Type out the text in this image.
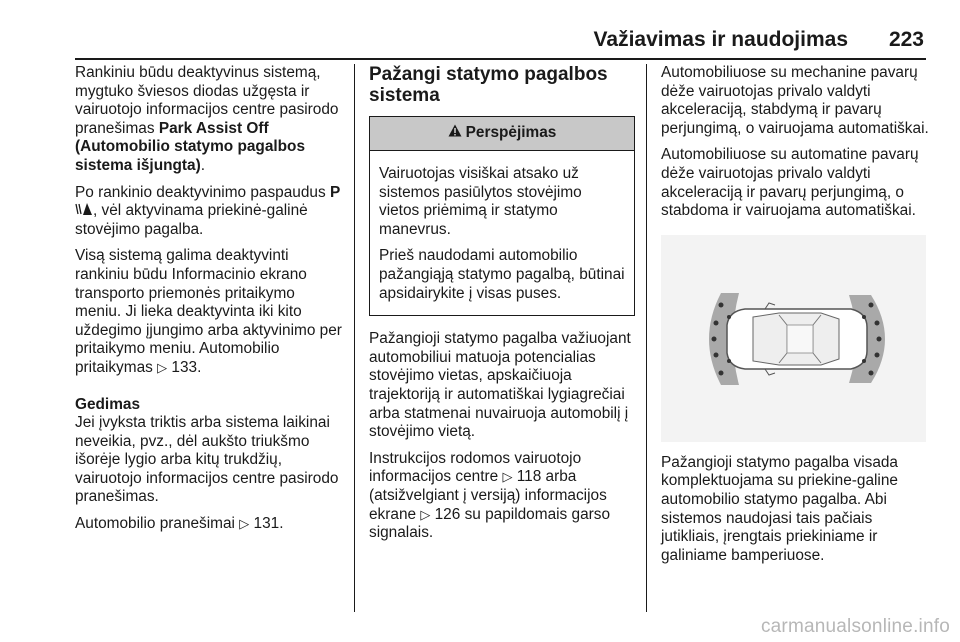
Važiavimas ir naudojimas 223

Rankiniu būdu deaktyvinus sistemą, mygtuko šviesos diodas užgęsta ir vairuotojo informacijos centre pasirodo pranešimas Park Assist Off (Automobilio statymo pagalbos sistema išjungta).

Po rankinio deaktyvinimo paspaudus P, vėl aktyvinama priekinė-galinė stovėjimo pagalba.

Visą sistemą galima deaktyvinti rankiniu būdu Informacinio ekrano transporto priemonės pritaikymo meniu. Ji lieka deaktyvinta iki kito uždegimo įjungimo arba aktyvinimo per pritaikymo meniu. Automobilio pritaikymas ▷ 133.

Gedimas

Jei įvyksta triktis arba sistema laikinai neveikia, pvz., dėl aukšto triukšmo išorėje lygio arba kitų trukdžių, vairuotojo informacijos centre pasirodo pranešimas.

Automobilio pranešimai ▷ 131.

Pažangi statymo pagalbos sistema
Perspėjimas

Vairuotojas visiškai atsako už sistemos pasiūlytos stovėjimo vietos priėmimą ir statymo manevrus.

Prieš naudodami automobilio pažangiąją statymo pagalbą, būtinai apsidairykite į visas puses.

Pažangioji statymo pagalba važiuojant automobiliui matuoja potencialias stovėjimo vietas, apskaičiuoja trajektoriją ir automatiškai lygiagrečiai arba statmenai nuvairuoja automobilį į stovėjimo vietą.

Instrukcijos rodomos vairuotojo informacijos centre ▷ 118 arba (atsižvelgiant į versiją) informacijos ekrane ▷ 126 su papildomais garso signalais.

Automobiliuose su mechanine pavarų dėže vairuotojas privalo valdyti akceleraciją, stabdymą ir pavarų perjungimą, o vairuojama automatiškai.

Automobiliuose su automatine pavarų dėže vairuotojas privalo valdyti akceleraciją ir pavarų perjungimą, o stabdoma ir vairuojama automatiškai.

Pažangioji statymo pagalba visada komplektuojama su priekine-galine automobilio statymo pagalba. Abi sistemos naudojasi tais pačiais jutikliais, įrengtais priekiniame ir galiniame bamperiuose.

carmanualsonline.info
